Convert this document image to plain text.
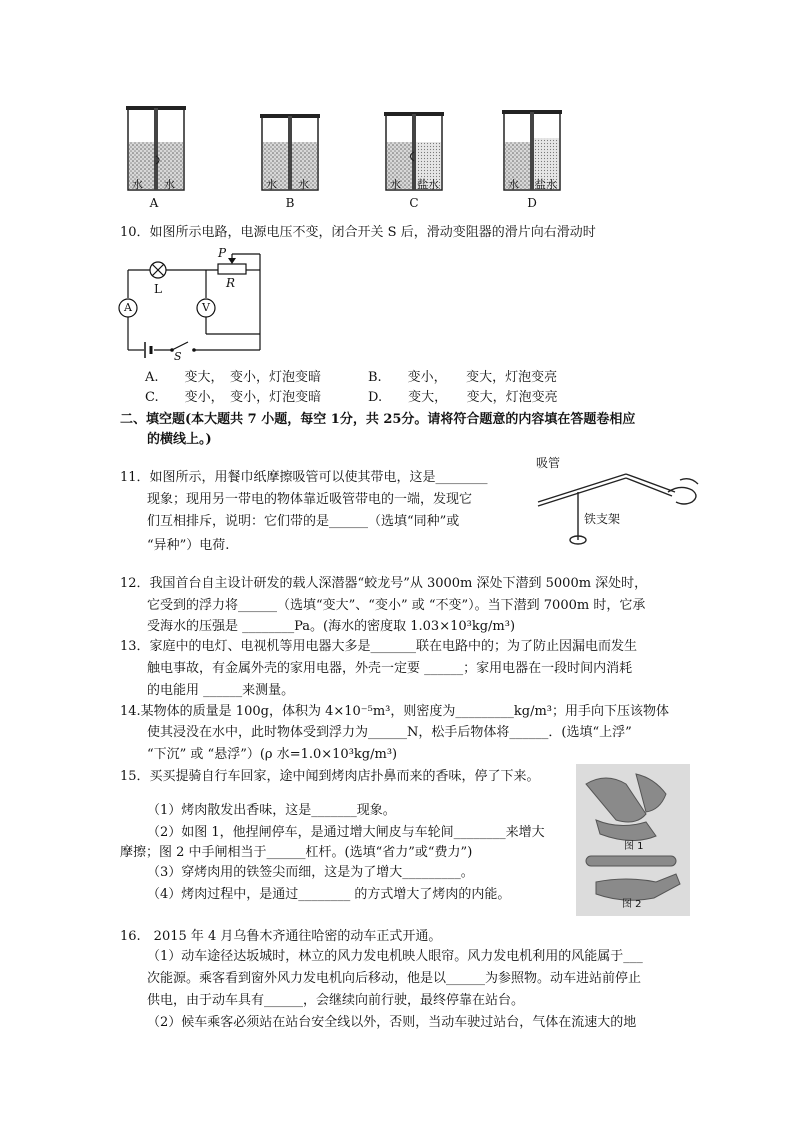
水 水	水 水	水 盐水	水 盐水
A	B	C	D
10．如图所示电路，电源电压不变，闭合开关 S 后，滑动变阻器的滑片向右滑动时
P
L	R
A	V
S
A.　　变大，　变小，灯泡变暗	B.　　变小，　　变大，灯泡变亮
C.　　变小，　变小，灯泡变暗	D.　　变大，　　变大，灯泡变亮
二、填空题(本大题共 7 小题，每空 1分，共 25分。请将符合题意的内容填在答题卷相应
的横线上。)
11．如图所示，用餐巾纸摩擦吸管可以使其带电，这是________
现象；现用另一带电的物体靠近吸管带电的一端，发现它
们互相排斥，说明：它们带的是______（选填“同种”或
“异种”）电荷.
吸管
铁支架
12．我国首台自主设计研发的载人深潜器“蛟龙号”从 3000m 深处下潜到 5000m 深处时，
它受到的浮力将______（选填“变大”、“变小” 或 “不变”）。当下潜到 7000m 时，它承
受海水的压强是 ________Pa。(海水的密度取 1.03×10³kg/m³)
13．家庭中的电灯、电视机等用电器大多是_______联在电路中的；为了防止因漏电而发生
触电事故，有金属外壳的家用电器，外壳一定要 ______；家用电器在一段时间内消耗
的电能用 ______来测量。
14.某物体的质量是 100g，体积为 4×10⁻⁵m³，则密度为_________kg/m³；用手向下压该物体
使其浸没在水中，此时物体受到浮力为______N，松手后物体将______．(选填“上浮”
“下沉” 或 “悬浮”）(ρ 水=1.0×10³kg/m³)
15．买买提骑自行车回家，途中闻到烤肉店扑鼻而来的香味，停了下来。
（1）烤肉散发出香味，这是_______现象。
（2）如图 1，他捏闸停车，是通过增大闸皮与车轮间________来增大
摩擦；图 2 中手闸相当于______杠杆。(选填“省力”或“费力”)
（3）穿烤肉用的铁签尖而细，这是为了增大_________。
（4）烤肉过程中，是通过________ 的方式增大了烤肉的内能。
图 1
图 2
16.　2015 年 4 月乌鲁木齐通往哈密的动车正式开通。
（1）动车途径达坂城时，林立的风力发电机映人眼帘。风力发电机利用的风能属于___
次能源。乘客看到窗外风力发电机向后移动，他是以______为参照物。动车进站前停止
供电，由于动车具有______，会继续向前行驶，最终停靠在站台。
（2）候车乘客必须站在站台安全线以外，否则，当动车驶过站台，气体在流速大的地
